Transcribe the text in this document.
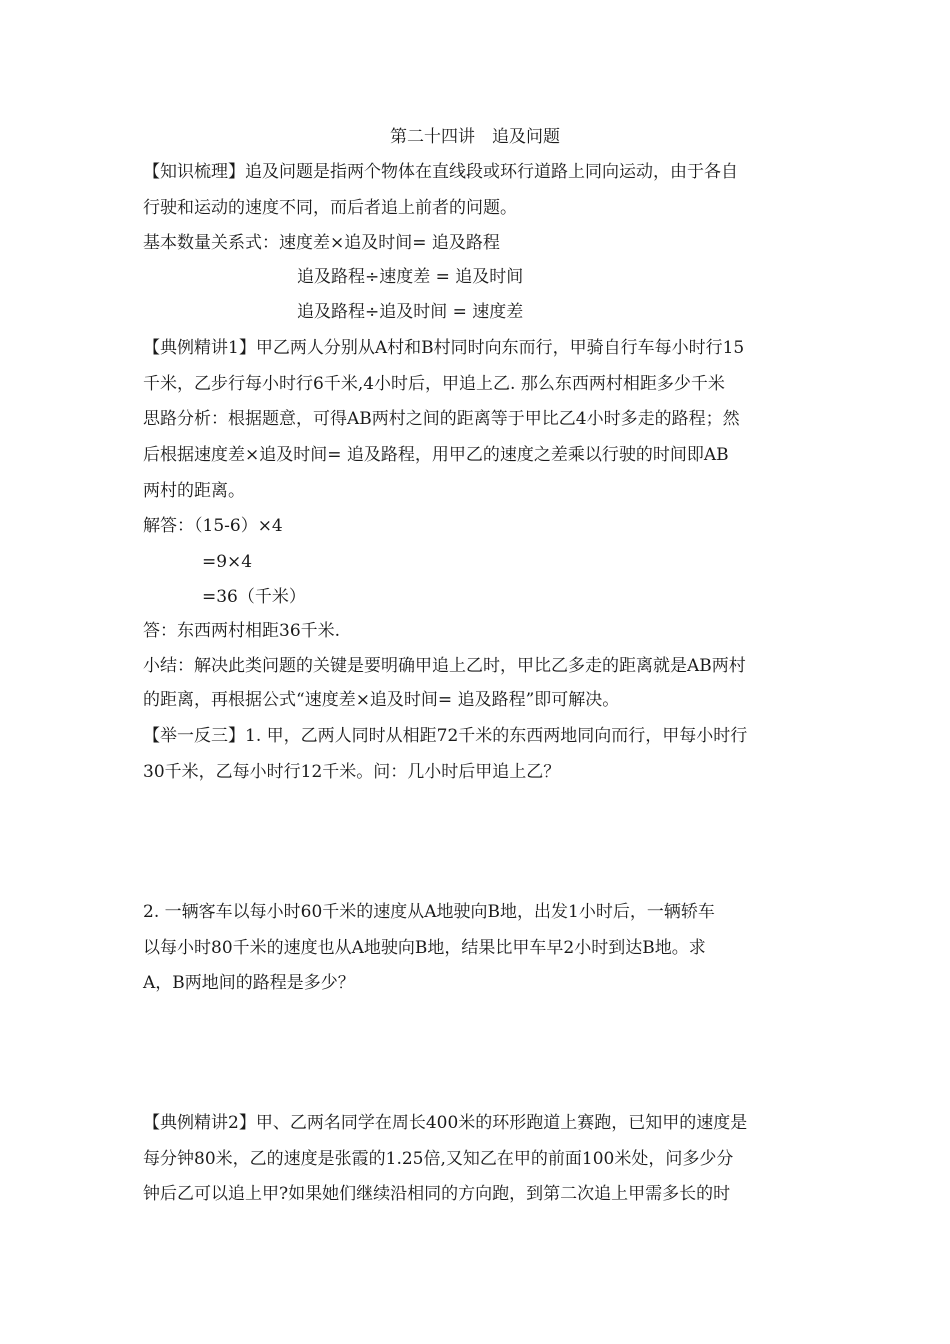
第二十四讲　追及问题
【知识梳理】追及问题是指两个物体在直线段或环行道路上同向运动，由于各自
行驶和运动的速度不同，而后者追上前者的问题。
基本数量关系式：速度差×追及时间= 追及路程
追及路程÷速度差 = 追及时间
追及路程÷追及时间 = 速度差
【典例精讲1】甲乙两人分别从A村和B村同时向东而行，甲骑自行车每小时行15
千米，乙步行每小时行6千米,4小时后，甲追上乙. 那么东西两村相距多少千米
思路分析：根据题意，可得AB两村之间的距离等于甲比乙4小时多走的路程；然
后根据速度差×追及时间= 追及路程，用甲乙的速度之差乘以行驶的时间即AB
两村的距离。
解答：（15-6）×4
=9×4
=36（千米）
答：东西两村相距36千米.
小结：解决此类问题的关键是要明确甲追上乙时，甲比乙多走的距离就是AB两村
的距离，再根据公式“速度差×追及时间= 追及路程”即可解决。
【举一反三】1. 甲，乙两人同时从相距72千米的东西两地同向而行，甲每小时行
30千米，乙每小时行12千米。问：几小时后甲追上乙？
2. 一辆客车以每小时60千米的速度从A地驶向B地，出发1小时后，一辆轿车
以每小时80千米的速度也从A地驶向B地，结果比甲车早2小时到达B地。求
A，B两地间的路程是多少？
【典例精讲2】甲、乙两名同学在周长400米的环形跑道上赛跑，已知甲的速度是
每分钟80米，乙的速度是张霞的1.25倍,又知乙在甲的前面100米处，问多少分
钟后乙可以追上甲?如果她们继续沿相同的方向跑，到第二次追上甲需多长的时
